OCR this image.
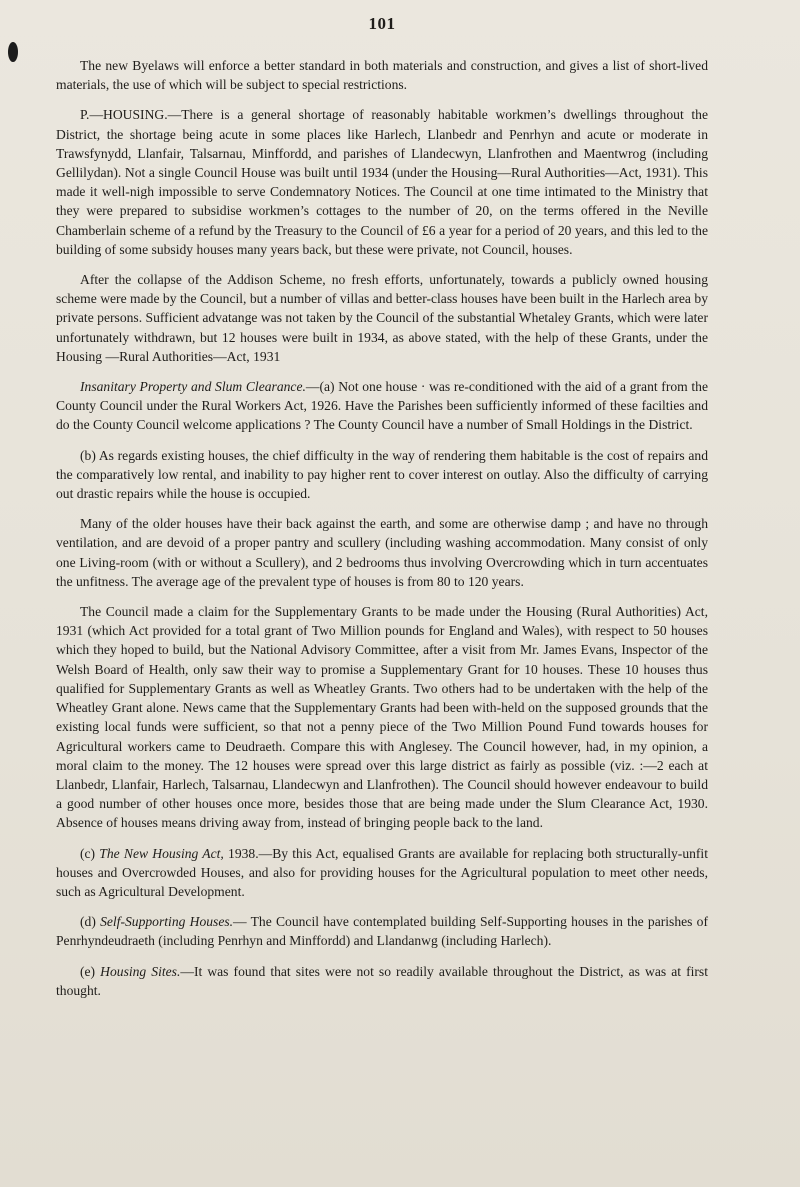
101

The new Byelaws will enforce a better standard in both materials and construction, and gives a list of short-lived materials, the use of which will be subject to special restrictions.

P.—HOUSING.—There is a general shortage of reasonably habitable workmen’s dwellings throughout the District, the shortage being acute in some places like Harlech, Llanbedr and Penrhyn and acute or moderate in Trawsfynydd, Llanfair, Talsarnau, Minffordd, and parishes of Llandecwyn, Llanfrothen and Maentwrog (including Gellilydan). Not a single Council House was built until 1934 (under the Housing—Rural Authorities—Act, 1931). This made it well-nigh impossible to serve Condemnatory Notices. The Council at one time intimated to the Ministry that they were prepared to subsidise workmen’s cottages to the number of 20, on the terms offered in the Neville Chamberlain scheme of a refund by the Treasury to the Council of £6 a year for a period of 20 years, and this led to the building of some subsidy houses many years back, but these were private, not Council, houses.

After the collapse of the Addison Scheme, no fresh efforts, unfortunately, towards a publicly owned housing scheme were made by the Council, but a number of villas and better-class houses have been built in the Harlech area by private persons. Sufficient advatange was not taken by the Council of the substantial Whetaley Grants, which were later unfortunately withdrawn, but 12 houses were built in 1934, as above stated, with the help of these Grants, under the Housing —Rural Authorities—Act, 1931

Insanitary Property and Slum Clearance.—(a) Not one house · was re-conditioned with the aid of a grant from the County Council under the Rural Workers Act, 1926. Have the Parishes been sufficiently informed of these facilties and do the County Council welcome applications ? The County Council have a number of Small Holdings in the District.

(b) As regards existing houses, the chief difficulty in the way of rendering them habitable is the cost of repairs and the comparatively low rental, and inability to pay higher rent to cover interest on outlay. Also the difficulty of carrying out drastic repairs while the house is occupied.

Many of the older houses have their back against the earth, and some are otherwise damp ; and have no through ventilation, and are devoid of a proper pantry and scullery (including washing accommodation. Many consist of only one Living-room (with or without a Scullery), and 2 bedrooms thus involving Overcrowding which in turn accentuates the unfitness. The average age of the prevalent type of houses is from 80 to 120 years.

The Council made a claim for the Supplementary Grants to be made under the Housing (Rural Authorities) Act, 1931 (which Act provided for a total grant of Two Million pounds for England and Wales), with respect to 50 houses which they hoped to build, but the National Advisory Committee, after a visit from Mr. James Evans, Inspector of the Welsh Board of Health, only saw their way to promise a Supplementary Grant for 10 houses. These 10 houses thus qualified for Supplementary Grants as well as Wheatley Grants. Two others had to be undertaken with the help of the Wheatley Grant alone. News came that the Supplementary Grants had been with-held on the supposed grounds that the existing local funds were sufficient, so that not a penny piece of the Two Million Pound Fund towards houses for Agricultural workers came to Deudraeth. Compare this with Anglesey. The Council however, had, in my opinion, a moral claim to the money. The 12 houses were spread over this large district as fairly as possible (viz. :—2 each at Llanbedr, Llanfair, Harlech, Talsarnau, Llandecwyn and Llanfrothen). The Council should however endeavour to build a good number of other houses once more, besides those that are being made under the Slum Clearance Act, 1930. Absence of houses means driving away from, instead of bringing people back to the land.

(c) The New Housing Act, 1938.—By this Act, equalised Grants are available for replacing both structurally-unfit houses and Overcrowded Houses, and also for providing houses for the Agricultural population to meet other needs, such as Agricultural Development.

(d) Self-Supporting Houses.— The Council have contemplated building Self-Supporting houses in the parishes of Penrhyndeudraeth (including Penrhyn and Minffordd) and Llandanwg (including Harlech).

(e) Housing Sites.—It was found that sites were not so readily available throughout the District, as was at first thought.
